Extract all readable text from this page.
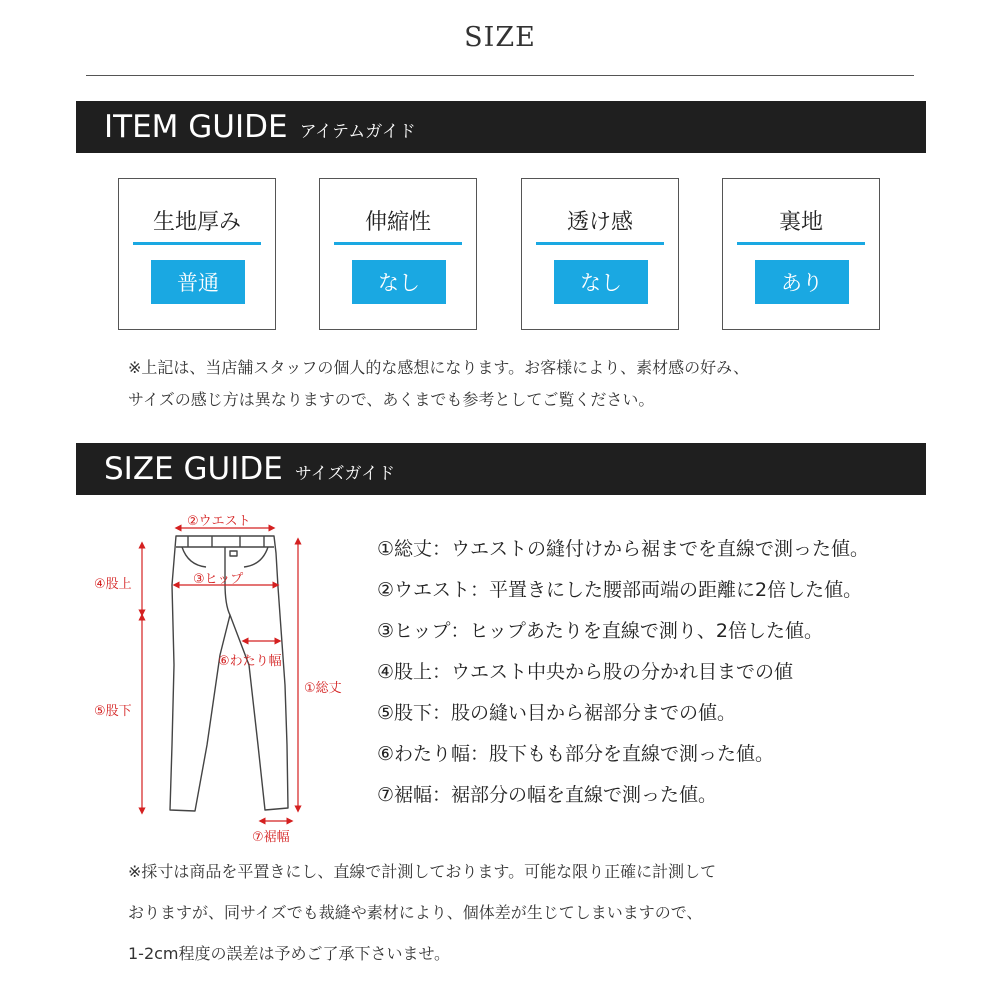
SIZE
ITEM GUIDE アイテムガイド
生地厚み
普通
伸縮性
なし
透け感
なし
裏地
あり
※上記は、当店舗スタッフの個人的な感想になります。お客様により、素材感の好み、
サイズの感じ方は異なりますので、あくまでも参考としてご覧ください。
SIZE GUIDE サイズガイド
②ウエスト
③ヒップ
④股上
⑥わたり幅
①総丈
⑤股下
⑦裾幅
①総丈：ウエストの縫付けから裾までを直線で測った値。
②ウエスト：平置きにした腰部両端の距離に2倍した値。
③ヒップ：ヒップあたりを直線で測り、2倍した値。
④股上：ウエスト中央から股の分かれ目までの値
⑤股下：股の縫い目から裾部分までの値。
⑥わたり幅：股下もも部分を直線で測った値。
⑦裾幅：裾部分の幅を直線で測った値。
※採寸は商品を平置きにし、直線で計測しております。可能な限り正確に計測して
おりますが、同サイズでも裁縫や素材により、個体差が生じてしまいますので、
1-2cm程度の誤差は予めご了承下さいませ。
